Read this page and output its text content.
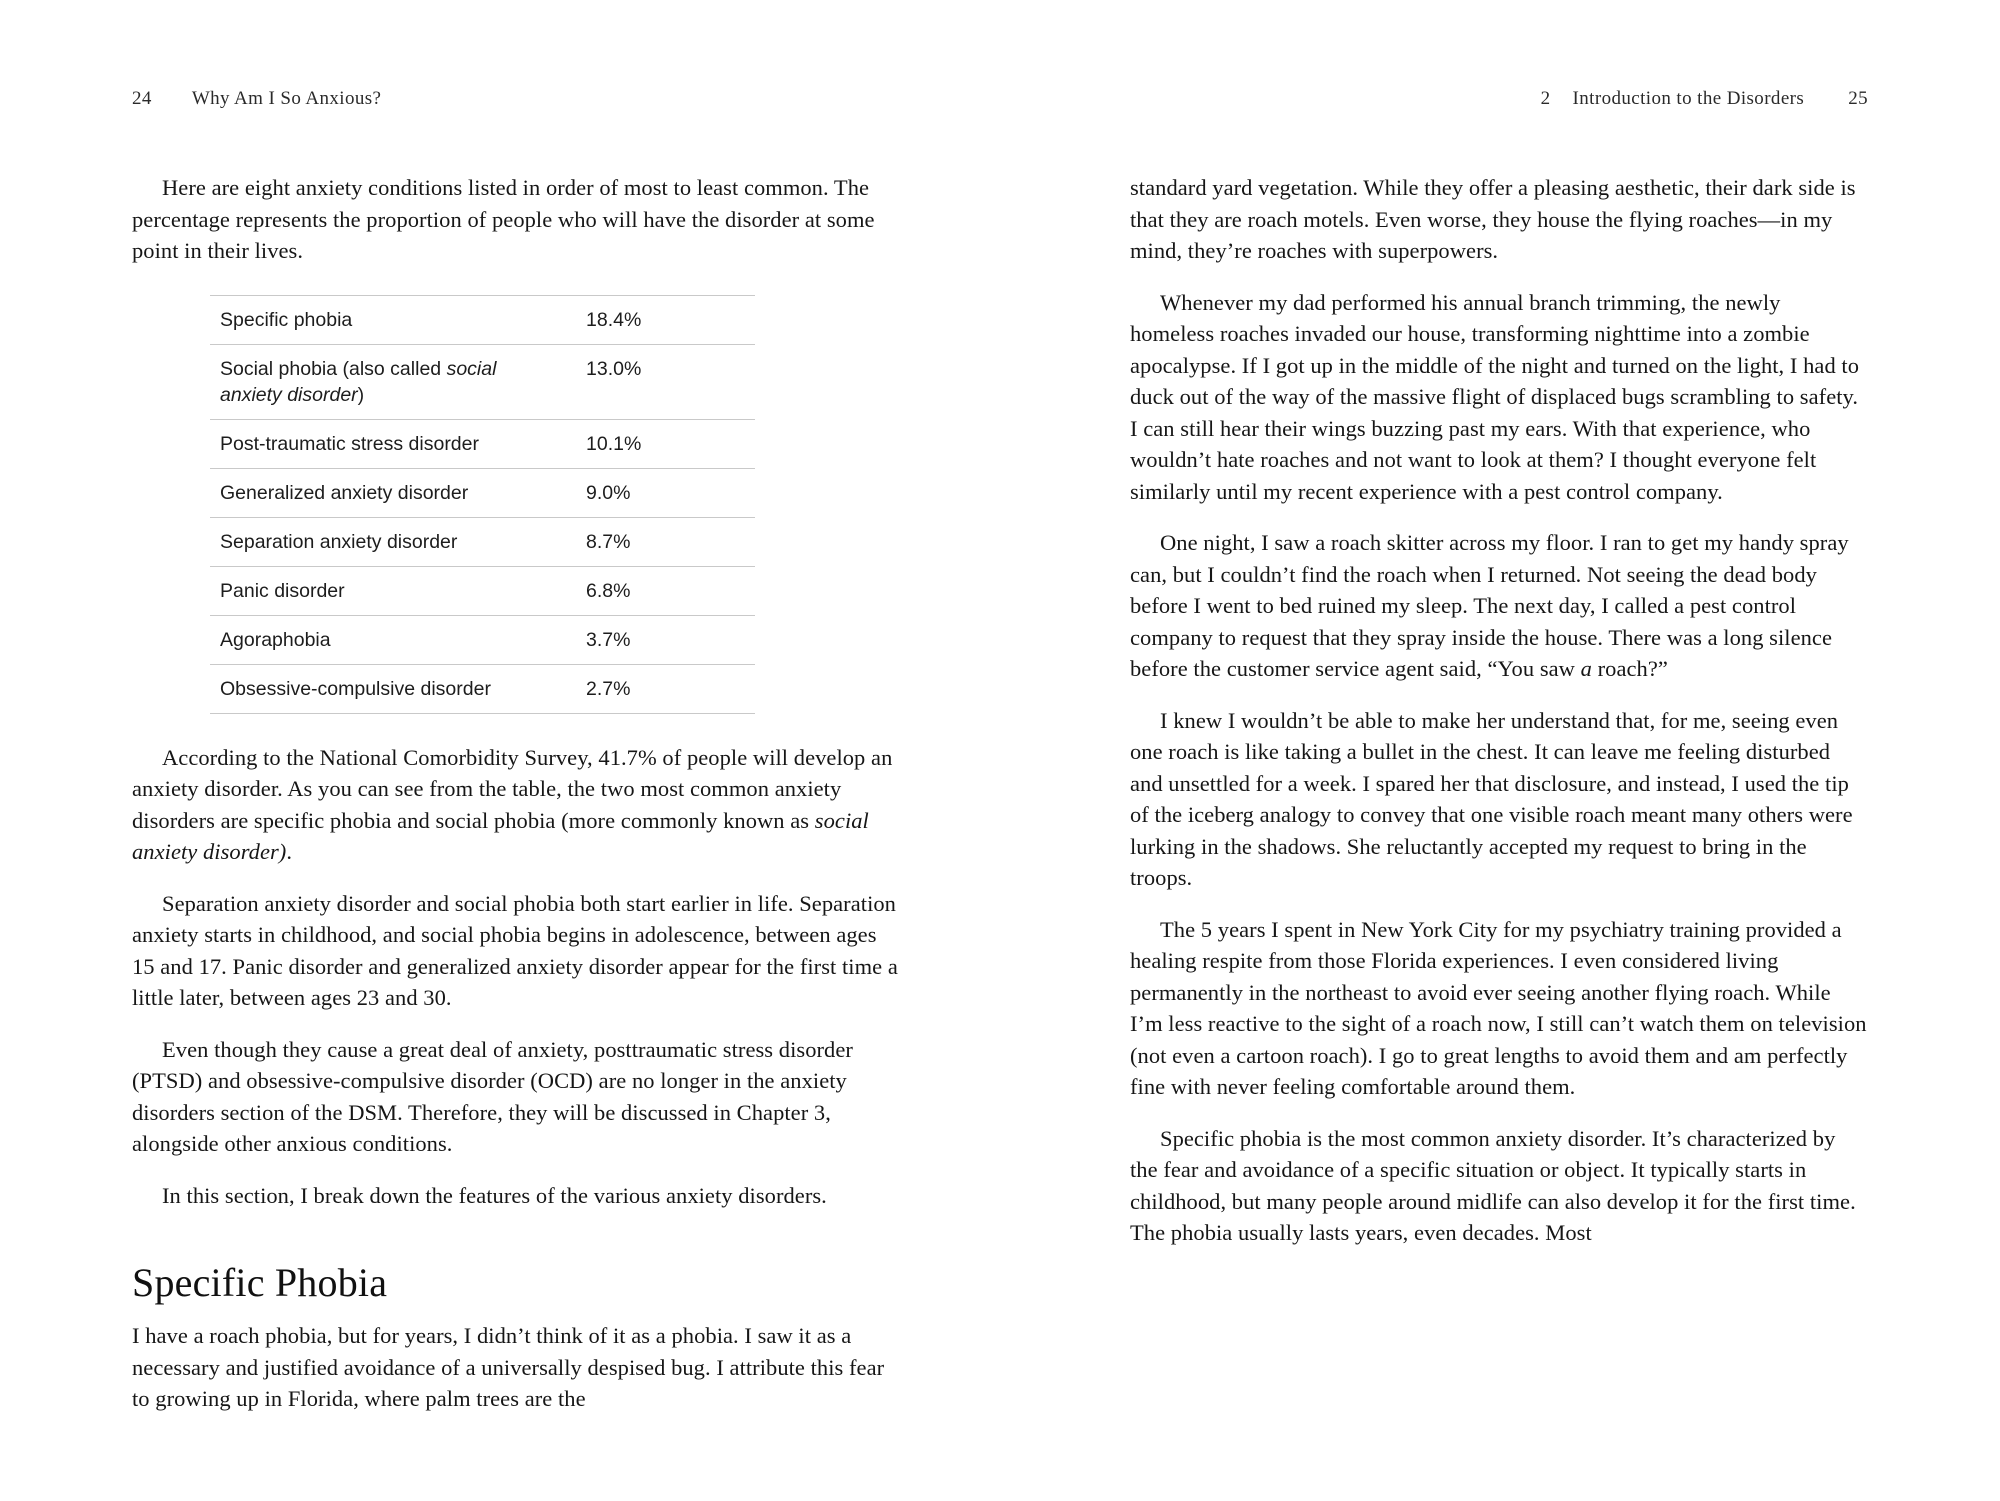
24 Why Am I So Anxious?

Here are eight anxiety conditions listed in order of most to least common. The percentage represents the proportion of people who will have the disorder at some point in their lives.

Specific phobia	18.4%
Social phobia (also called social anxiety disorder)	13.0%
Post-traumatic stress disorder	10.1%
Generalized anxiety disorder	9.0%
Separation anxiety disorder	8.7%
Panic disorder	6.8%
Agoraphobia	3.7%
Obsessive-compulsive disorder	2.7%

According to the National Comorbidity Survey, 41.7% of people will develop an anxiety disorder. As you can see from the table, the two most common anxiety disorders are specific phobia and social phobia (more commonly known as social anxiety disorder).

Separation anxiety disorder and social phobia both start earlier in life. Separation anxiety starts in childhood, and social phobia begins in adolescence, between ages 15 and 17. Panic disorder and generalized anxiety disorder appear for the first time a little later, between ages 23 and 30.

Even though they cause a great deal of anxiety, posttraumatic stress disorder (PTSD) and obsessive-compulsive disorder (OCD) are no longer in the anxiety disorders section of the DSM. Therefore, they will be discussed in Chapter 3, alongside other anxious conditions.

In this section, I break down the features of the various anxiety disorders.

Specific Phobia

I have a roach phobia, but for years, I didn’t think of it as a phobia. I saw it as a necessary and justified avoidance of a universally despised bug. I attribute this fear to growing up in Florida, where palm trees are the

2 Introduction to the Disorders 25

standard yard vegetation. While they offer a pleasing aesthetic, their dark side is that they are roach motels. Even worse, they house the flying roaches—in my mind, they’re roaches with superpowers.

Whenever my dad performed his annual branch trimming, the newly homeless roaches invaded our house, transforming nighttime into a zombie apocalypse. If I got up in the middle of the night and turned on the light, I had to duck out of the way of the massive flight of displaced bugs scrambling to safety. I can still hear their wings buzzing past my ears. With that experience, who wouldn’t hate roaches and not want to look at them? I thought everyone felt similarly until my recent experience with a pest control company.

One night, I saw a roach skitter across my floor. I ran to get my handy spray can, but I couldn’t find the roach when I returned. Not seeing the dead body before I went to bed ruined my sleep. The next day, I called a pest control company to request that they spray inside the house. There was a long silence before the customer service agent said, “You saw a roach?”

I knew I wouldn’t be able to make her understand that, for me, seeing even one roach is like taking a bullet in the chest. It can leave me feeling disturbed and unsettled for a week. I spared her that disclosure, and instead, I used the tip of the iceberg analogy to convey that one visible roach meant many others were lurking in the shadows. She reluctantly accepted my request to bring in the troops.

The 5 years I spent in New York City for my psychiatry training provided a healing respite from those Florida experiences. I even considered living permanently in the northeast to avoid ever seeing another flying roach. While I’m less reactive to the sight of a roach now, I still can’t watch them on television (not even a cartoon roach). I go to great lengths to avoid them and am perfectly fine with never feeling comfortable around them.

Specific phobia is the most common anxiety disorder. It’s characterized by the fear and avoidance of a specific situation or object. It typically starts in childhood, but many people around midlife can also develop it for the first time. The phobia usually lasts years, even decades. Most
